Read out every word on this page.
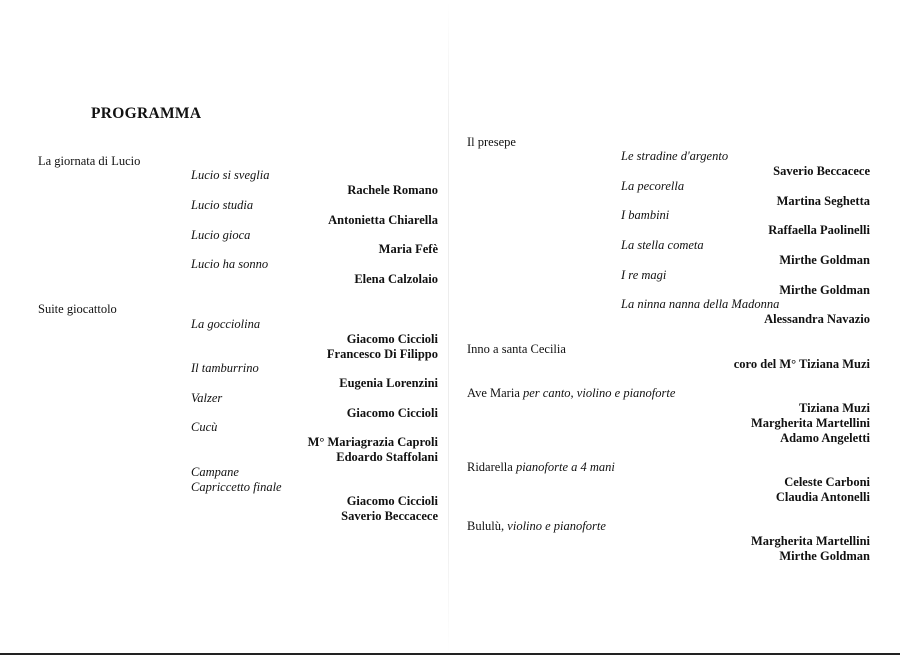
PROGRAMMA
La giornata di Lucio
Lucio si sveglia
Rachele Romano
Lucio studia
Antonietta Chiarella
Lucio gioca
Maria Fefè
Lucio ha sonno
Elena Calzolaio
Suite giocattolo
La gocciolina
Giacomo Ciccioli
Francesco Di Filippo
Il tamburrino
Eugenia Lorenzini
Valzer
Giacomo Ciccioli
Cucù
M° Mariagrazia Caproli
Edoardo Staffolani
Campane
Capriccetto finale
Giacomo Ciccioli
Saverio Beccacece
Il presepe
Le stradine d'argento
Saverio Beccacece
La pecorella
Martina Seghetta
I bambini
Raffaella Paolinelli
La stella cometa
Mirthe Goldman
I re magi
Mirthe Goldman
La ninna nanna della Madonna
Alessandra Navazio
Inno a santa Cecilia
coro del M° Tiziana Muzi
Ave Maria per canto, violino e pianoforte
Tiziana Muzi
Margherita Martellini
Adamo Angeletti
Ridarella pianoforte a 4 mani
Celeste Carboni
Claudia Antonelli
Bululù, violino e pianoforte
Margherita Martellini
Mirthe Goldman
